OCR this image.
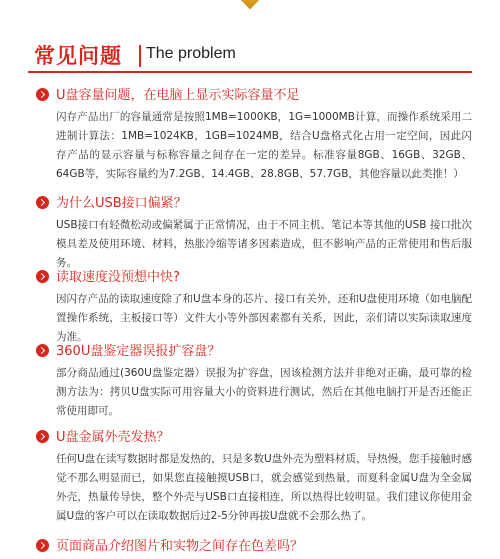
常见问题 The problem
U盘容量问题，在电脑上显示实际容量不足
闪存产品出厂的容量通常是按照1MB=1000KB，1G=1000MB计算，而操作系统采用二进制计算法：1MB=1024KB，1GB=1024MB，结合U盘格式化占用一定空间，因此闪存产品的显示容量与标称容量之间存在一定的差异。标准容量8GB、16GB、32GB、64GB等，实际容量约为7.2GB、14.4GB、28.8GB、57.7GB，其他容量以此类推！）
为什么USB接口偏紧？
USB接口有轻微松动或偏紧属于正常情况，由于不同主机、笔记本等其他的USB 接口批次模具差及使用环境、材料，热胀冷缩等诸多因素造成，但不影响产品的正常使用和售后服务。
读取速度没预想中快?
因闪存产品的读取速度除了和U盘本身的芯片、接口有关外，还和U盘使用环境（如电脑配置操作系统，主板接口等）文件大小等外部因素都有关系，因此，亲们请以实际读取速度为准。
360U盘鉴定器误报扩容盘？
部分商品通过(360U盘鉴定器）误报为扩容盘，因该检测方法并非绝对正确，最可靠的检测方法为：拷贝U盘实际可用容量大小的资料进行测试，然后在其他电脑打开是否还能正常使用即可。
U盘金属外壳发热？
任何U盘在读写数据时都是发热的，只是多数U盘外壳为塑料材质，导热慢，您手接触时感觉不那么明显而已，如果您直接触摸USB口，就会感觉到热量，而夏科金属U盘为全金属外壳，热量传导快，整个外壳与USB口直接相连，所以热得比较明显。我们建议你使用金属U盘的客户可以在读取数据后过2-5分钟再拔U盘就不会那么热了。
页面商品介绍图片和实物之间存在色差吗？
